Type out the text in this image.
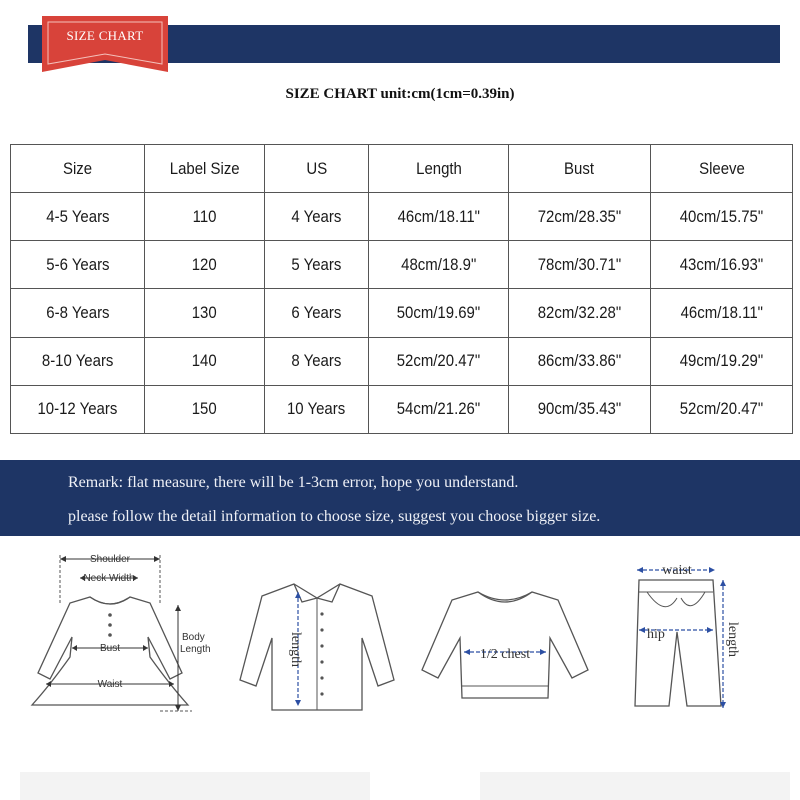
SIZE CHART
SIZE CHART unit:cm(1cm=0.39in)
Size	Label Size	US	Length	Bust	Sleeve
4-5 Years	110	4 Years	46cm/18.11"	72cm/28.35"	40cm/15.75"
5-6 Years	120	5 Years	48cm/18.9"	78cm/30.71"	43cm/16.93"
6-8 Years	130	6 Years	50cm/19.69"	82cm/32.28"	46cm/18.11"
8-10 Years	140	8 Years	52cm/20.47"	86cm/33.86"	49cm/19.29"
10-12 Years	150	10 Years	54cm/21.26"	90cm/35.43"	52cm/20.47"

Remark: flat measure, there will be 1-3cm error, hope you understand.

please follow the detail information to choose size, suggest you choose bigger size.

Shoulder
Neck Width
Bust
Waist
Body
Length	length	1/2 chest
waist
hip	length
